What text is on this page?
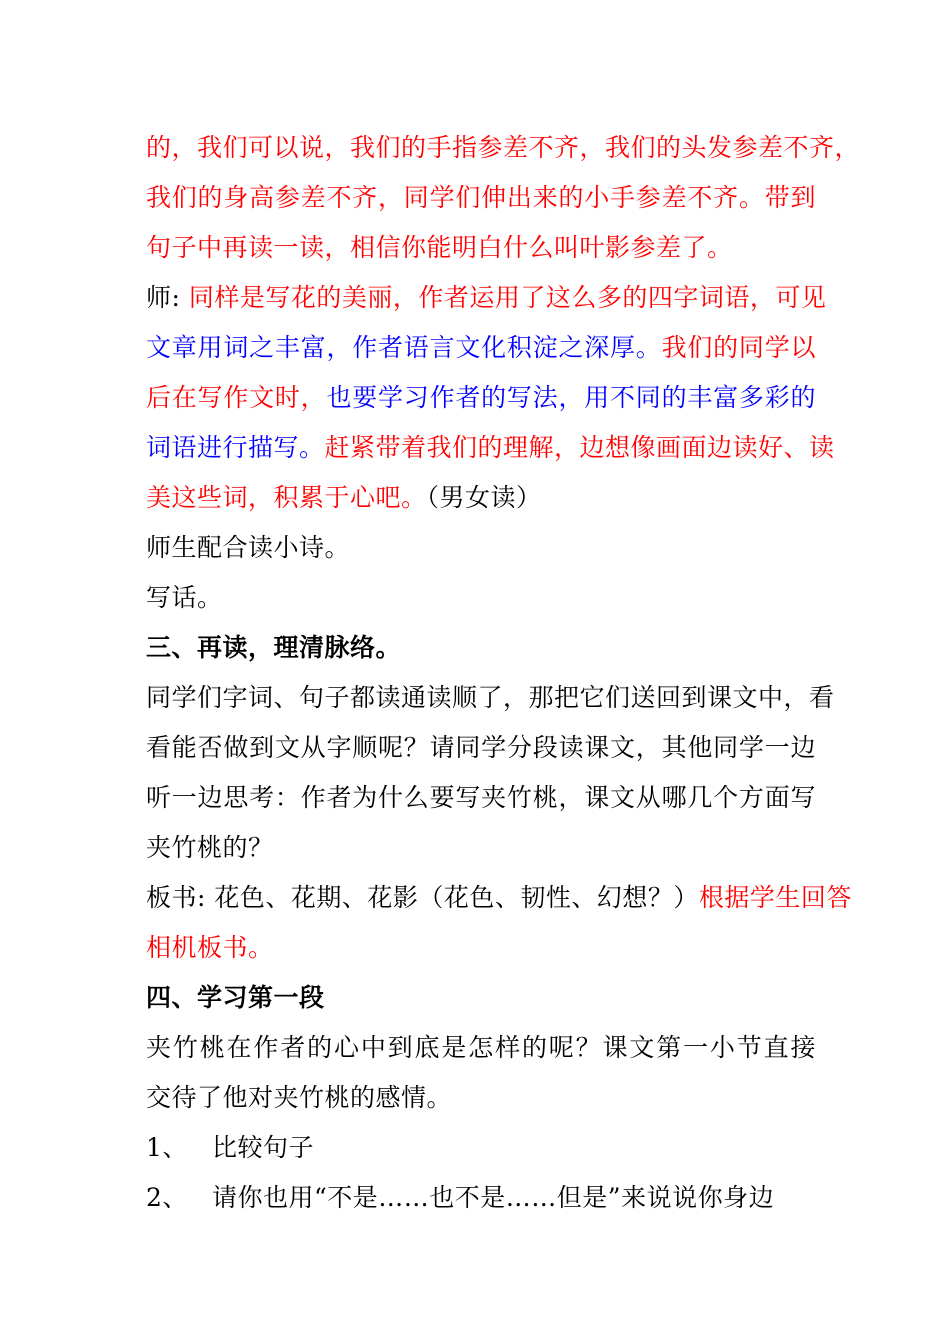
的，我们可以说，我们的手指参差不齐，我们的头发参差不齐，
我们的身高参差不齐，同学们伸出来的小手参差不齐。带到
句子中再读一读，相信你能明白什么叫叶影参差了。
师: 同样是写花的美丽，作者运用了这么多的四字词语，可见
文章用词之丰富，作者语言文化积淀之深厚。我们的同学以
后在写作文时，也要学习作者的写法，用不同的丰富多彩的
词语进行描写。赶紧带着我们的理解，边想像画面边读好、读
美这些词，积累于心吧。（男女读）
师生配合读小诗。
写话。
三、再读，理清脉络。
同学们字词、句子都读通读顺了，那把它们送回到课文中，看
看能否做到文从字顺呢？请同学分段读课文，其他同学一边
听一边思考：作者为什么要写夹竹桃，课文从哪几个方面写
夹竹桃的？
板书: 花色、花期、花影（花色、韧性、幻想？）根据学生回答
相机板书。
四、学习第一段
夹竹桃在作者的心中到底是怎样的呢？课文第一小节直接
交待了他对夹竹桃的感情。
1、 比较句子
2、 请你也用“不是……也不是……但是”来说说你身边
